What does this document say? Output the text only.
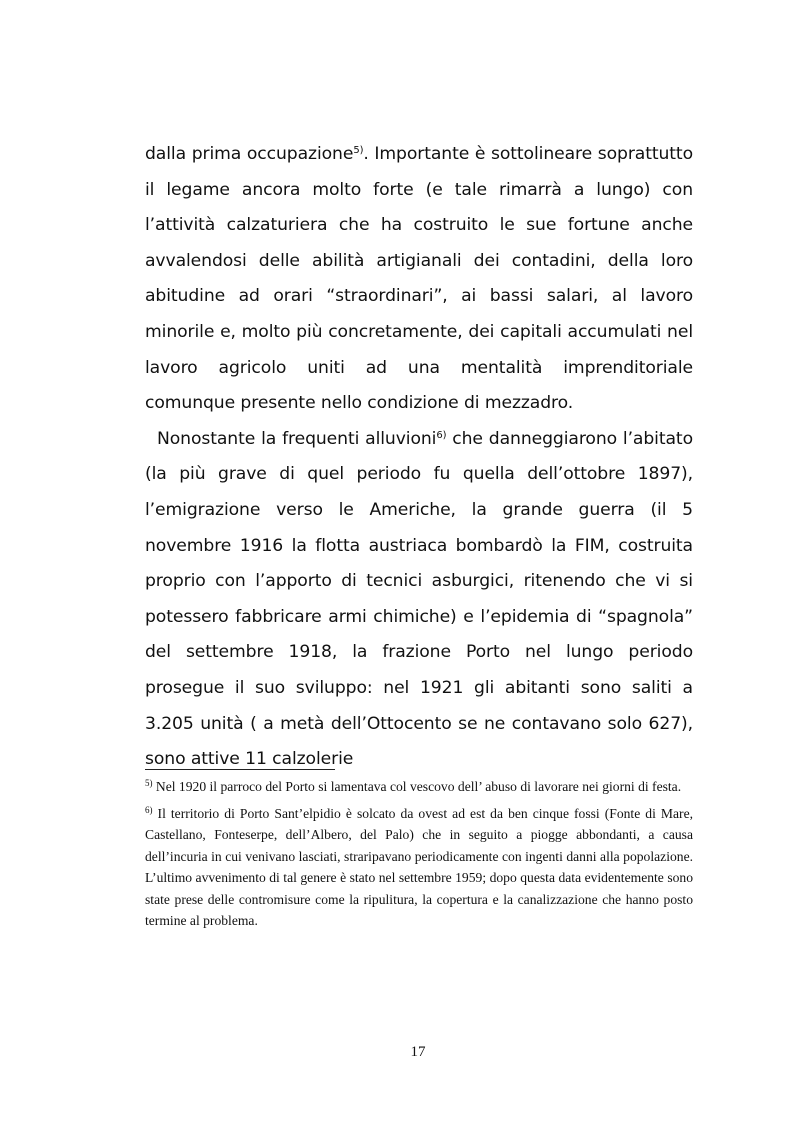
dalla prima occupazione$^{5)}$. Importante è sottolineare soprattutto il legame ancora molto forte (e tale rimarrà a lungo) con l’attività calzaturiera che ha costruito le sue fortune anche avvalendosi delle abilità artigianali dei contadini, della loro abitudine ad orari “straordinari”, ai bassi salari, al lavoro minorile e, molto più concretamente, dei capitali accumulati nel lavoro agricolo uniti ad una mentalità imprenditoriale comunque presente nello condizione di mezzadro.

Nonostante la frequenti alluvioni$^{6)}$ che danneggiarono l’abitato (la più grave di quel periodo fu quella dell’ottobre 1897), l’emigrazione verso le Americhe, la grande guerra (il 5 novembre 1916 la flotta austriaca bombardò la FIM, costruita proprio con l’apporto di tecnici asburgici, ritenendo che vi si potessero fabbricare armi chimiche) e l’epidemia di “spagnola” del settembre 1918, la frazione Porto nel lungo periodo prosegue il suo sviluppo: nel 1921 gli abitanti sono saliti a 3.205 unità ( a metà dell’Ottocento se ne contavano solo 627), sono attive 11 calzolerie

$^{5)}$ Nel 1920 il parroco del Porto si lamentava col vescovo dell’ abuso di lavorare nei giorni di festa.

$^{6)}$ Il territorio di Porto Sant’elpidio è solcato da ovest ad est da ben cinque fossi (Fonte di Mare, Castellano, Fonteserpe, dell’Albero, del Palo) che in seguito a piogge abbondanti, a causa dell’incuria in cui venivano lasciati, straripavano periodicamente con ingenti danni alla popolazione. L’ultimo avvenimento di tal genere è stato nel settembre 1959; dopo questa data evidentemente sono state prese delle contromisure come la ripulitura, la copertura e la canalizzazione che hanno posto termine al problema.

17
